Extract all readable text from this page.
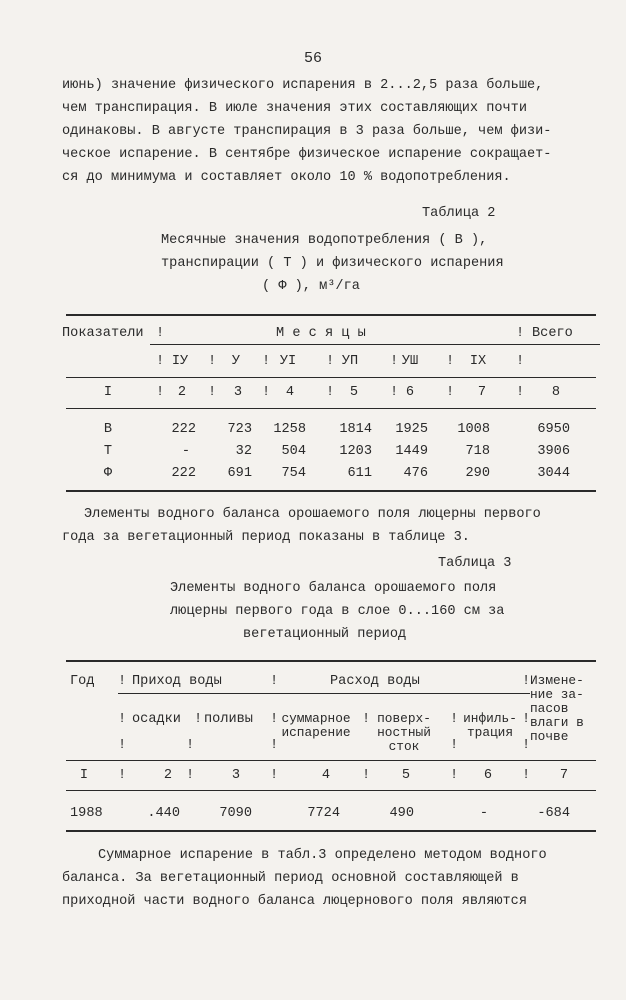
56
июнь) значение физического испарения в 2...2,5 раза больше,
чем транспирация. В июле значения этих составляющих почти
одинаковы. В августе транспирация в 3 раза больше, чем физи-
ческое испарение. В сентябре физическое испарение сокращает-
ся до минимума и составляет около 10 % водопотребления.
Таблица 2
Месячные значения водопотребления ( В ),
транспирации ( Т ) и физического испарения
( Ф ), м³/га
Показатели !	М е с я ц ы	! Всего
! IУ ! У ! УI ! УП ! УШ ! IX !
I	! 2 ! 3 ! 4 ! 5 ! 6 ! 7 ! 8
В	222 723 1258 1814 1925 1008	6950
Т	-	32 504 1203 1449	718	3906
Ф	222 691 754	611 476	290	3044
Элементы водного баланса орошаемого поля люцерны первого
года за вегетационный период показаны в таблице 3.
Таблица 3
Элементы водного баланса орошаемого поля
люцерны первого года в слое 0...160 см за
вегетационный период
Год ! Приход воды	!	Расход воды	! Измене-
ние за-
пасов
влаги в
почве
! осадки ! поливы ! суммарное
испарение
! поверх-
ностный
сток
! инфиль-
трация
!
!	!	!	!	!
I !	2 !	3 !	4 ! 5	! 6 ! 7
1988	.440	7090	7724	490	-	-684
Суммарное испарение в табл.3 определено методом водного
баланса. За вегетационный период основной составляющей в
приходной части водного баланса люцернового поля являются
